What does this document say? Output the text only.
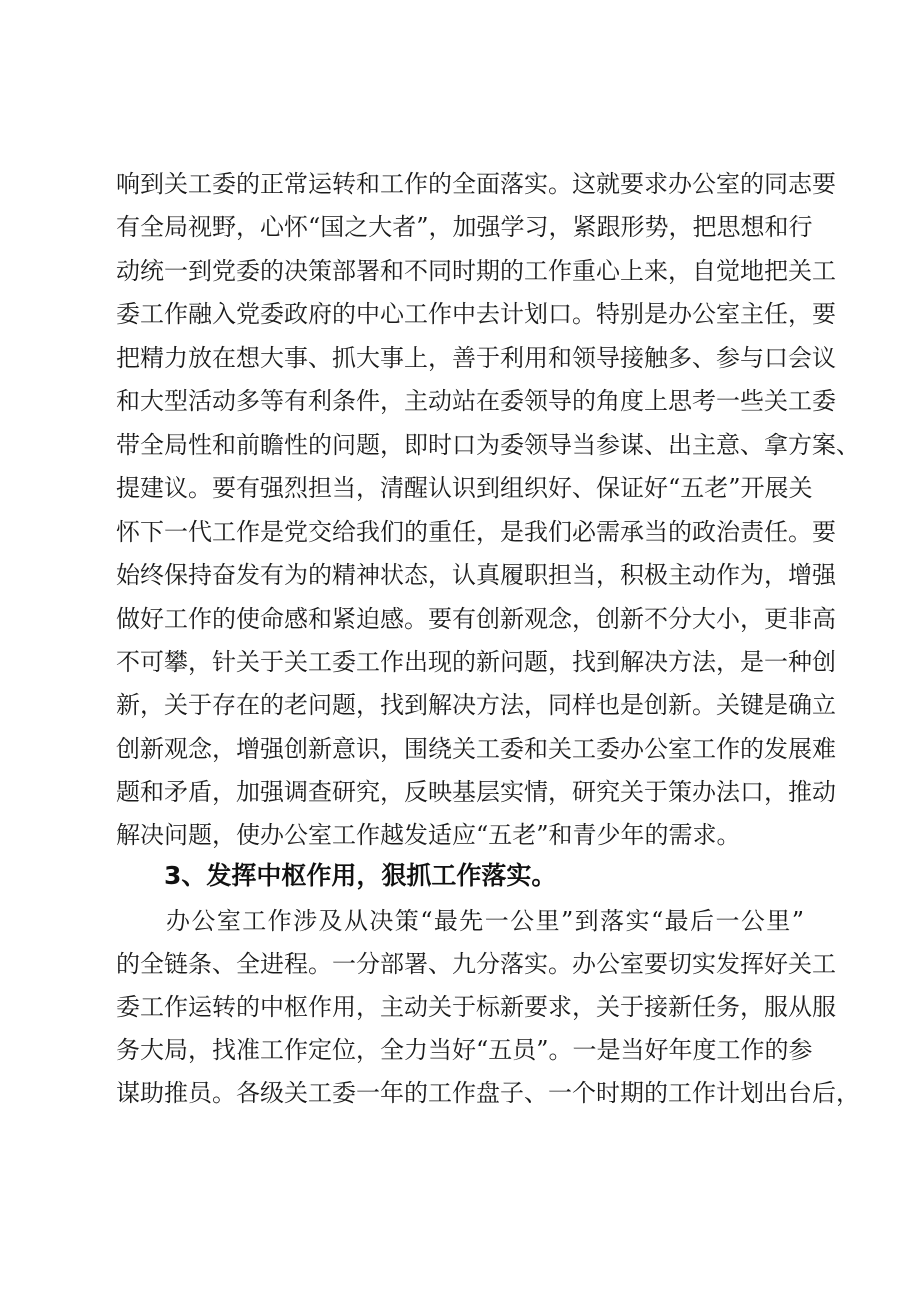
响到关工委的正常运转和工作的全面落实。这就要求办公室的同志要
有全局视野，心怀“国之大者”，加强学习，紧跟形势，把思想和行
动统一到党委的决策部署和不同时期的工作重心上来，自觉地把关工
委工作融入党委政府的中心工作中去计划口。特别是办公室主任，要
把精力放在想大事、抓大事上，善于利用和领导接触多、参与口会议
和大型活动多等有利条件，主动站在委领导的角度上思考一些关工委
带全局性和前瞻性的问题，即时口为委领导当参谋、出主意、拿方案、
提建议。要有强烈担当，清醒认识到组织好、保证好“五老”开展关
怀下一代工作是党交给我们的重任，是我们必需承当的政治责任。要
始终保持奋发有为的精神状态，认真履职担当，积极主动作为，增强
做好工作的使命感和紧迫感。要有创新观念，创新不分大小，更非高
不可攀，针关于关工委工作出现的新问题，找到解决方法，是一种创
新，关于存在的老问题，找到解决方法，同样也是创新。关键是确立
创新观念，增强创新意识，围绕关工委和关工委办公室工作的发展难
题和矛盾，加强调查研究，反映基层实情，研究关于策办法口，推动
解决问题，使办公室工作越发适应“五老”和青少年的需求。
3、发挥中枢作用，狠抓工作落实。
办公室工作涉及从决策“最先一公里”到落实“最后一公里”
的全链条、全进程。一分部署、九分落实。办公室要切实发挥好关工
委工作运转的中枢作用，主动关于标新要求，关于接新任务，服从服
务大局，找准工作定位，全力当好“五员”。一是当好年度工作的参
谋助推员。各级关工委一年的工作盘子、一个时期的工作计划出台后，
